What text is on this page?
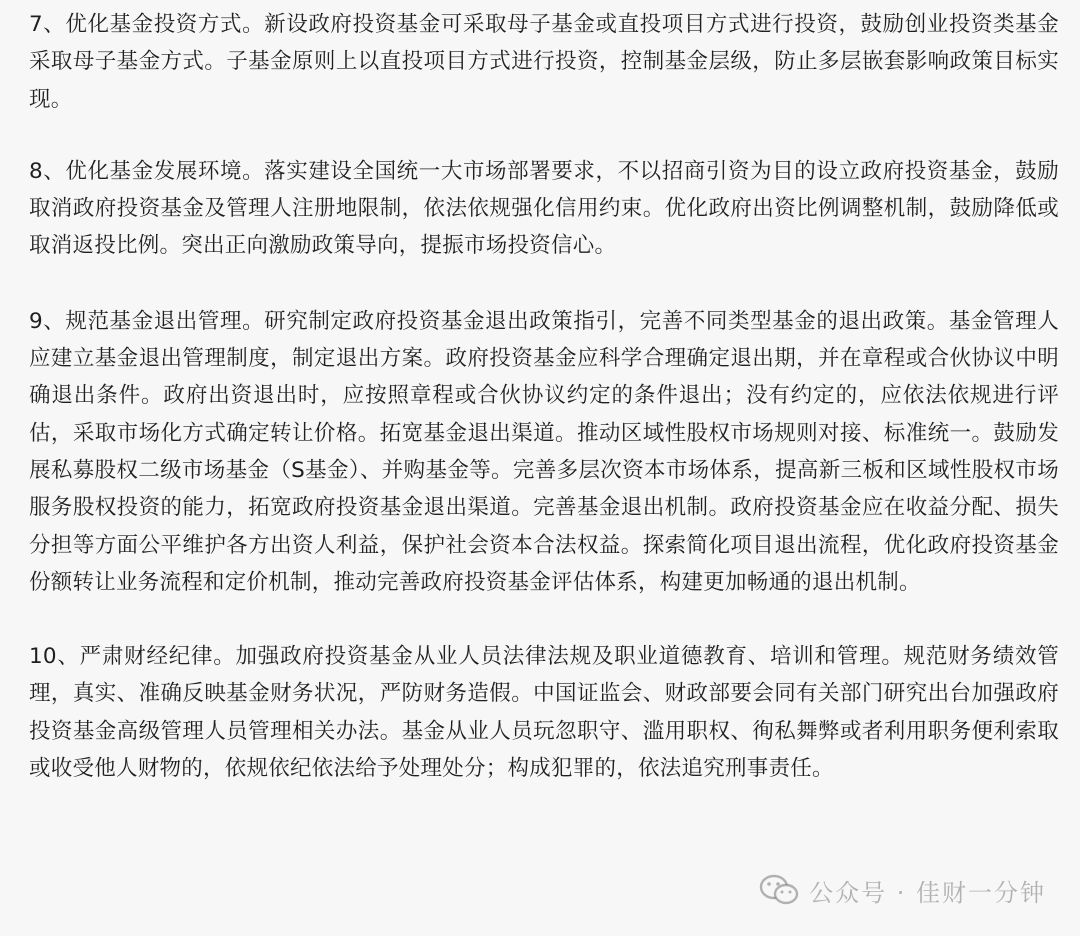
7、优化基金投资方式。新设政府投资基金可采取母子基金或直投项目方式进行投资，鼓励创业投资类基金采取母子基金方式。子基金原则上以直投项目方式进行投资，控制基金层级，防止多层嵌套影响政策目标实现。

8、优化基金发展环境。落实建设全国统一大市场部署要求，不以招商引资为目的设立政府投资基金，鼓励取消政府投资基金及管理人注册地限制，依法依规强化信用约束。优化政府出资比例调整机制，鼓励降低或取消返投比例。突出正向激励政策导向，提振市场投资信心。

9、规范基金退出管理。研究制定政府投资基金退出政策指引，完善不同类型基金的退出政策。基金管理人应建立基金退出管理制度，制定退出方案。政府投资基金应科学合理确定退出期，并在章程或合伙协议中明确退出条件。政府出资退出时，应按照章程或合伙协议约定的条件退出；没有约定的，应依法依规进行评估，采取市场化方式确定转让价格。拓宽基金退出渠道。推动区域性股权市场规则对接、标准统一。鼓励发展私募股权二级市场基金（S基金）、并购基金等。完善多层次资本市场体系，提高新三板和区域性股权市场服务股权投资的能力，拓宽政府投资基金退出渠道。完善基金退出机制。政府投资基金应在收益分配、损失分担等方面公平维护各方出资人利益，保护社会资本合法权益。探索简化项目退出流程，优化政府投资基金份额转让业务流程和定价机制，推动完善政府投资基金评估体系，构建更加畅通的退出机制。

10、严肃财经纪律。加强政府投资基金从业人员法律法规及职业道德教育、培训和管理。规范财务绩效管理，真实、准确反映基金财务状况，严防财务造假。中国证监会、财政部要会同有关部门研究出台加强政府投资基金高级管理人员管理相关办法。基金从业人员玩忽职守、滥用职权、徇私舞弊或者利用职务便利索取或收受他人财物的，依规依纪依法给予处理处分；构成犯罪的，依法追究刑事责任。

公众号 · 佳财一分钟
